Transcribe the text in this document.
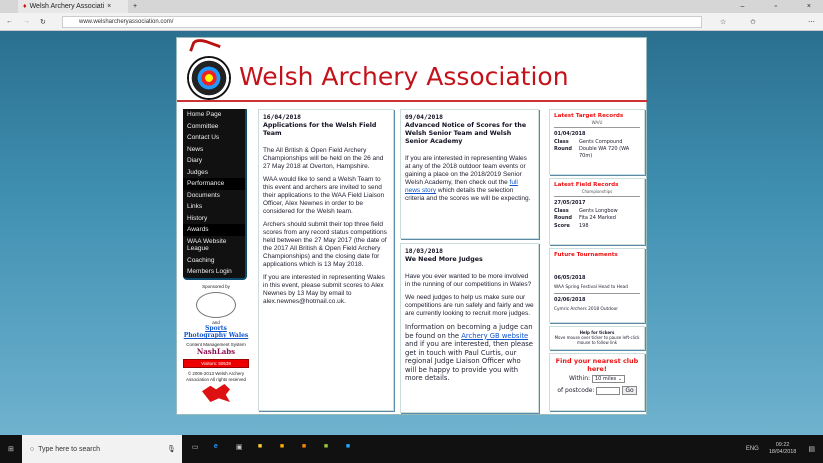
♦ Welsh Archery Associati ×	+	–	▫	×
← → ↻	www.welsharcheryassociation.com/	☆	✩	⋯
Welsh Archery Association
Home Page
Committee
Contact Us
News
Diary
Judges
Performance
Documents
Links
History
Awards
WAA Website League
Coaching
Members Login
Sponsored by
and
Sports Photography Wales
Content Management System
NashLabs
Visitors: 50539
© 2006-2013 Welsh Archery Association All rights reserved
16/04/2018
Applications for the Welsh Field Team

The All British & Open Field Archery Championships will be held on the 26 and 27 May 2018 at Overton, Hampshire.

WAA would like to send a Welsh Team to this event and archers are invited to send their applications to the WAA Field Liaison Officer, Alex Newnes in order to be considered for the Welsh team.

Archers should submit their top three field scores from any record status competitions held between the 27 May 2017 (the date of the 2017 All British & Open Field Archery Championships) and the closing date for applications which is 13 May 2018.

If you are interested in representing Wales in this event, please submit scores to Alex Newnes by 13 May by email to alex.newnes@hotmail.co.uk.

09/04/2018
Advanced Notice of Scores for the Welsh Senior Team and Welsh Senior Academy

If you are interested in representing Wales at any of the 2018 outdoor team events or gaining a place on the 2018/2019 Senior Welsh Academy, then check out the full news story which details the selection criteria and the scores we will be expecting.

18/03/2018
We Need More Judges

Have you ever wanted to be more involved in the running of our competitions in Wales?

We need judges to help us make sure our competitions are run safely and fairly and we are currently looking to recruit more judges.

Information on becoming a judge can be found on the Archery GB website and if you are interested, then please get in touch with Paul Curtis, our regional Judge Liaison Officer who will be happy to provide you with more details.

Latest Target Records
WA/U
01/04/2018
Class	Gents Compound
Round	Double WA 720 (WA 70m)
Latest Field Records
Championships
27/05/2017
Class	Gents Longbow
Round	Fita 24 Marked
Score	198
Future Tournaments
06/05/2018
WAA Spring Festival Head to Head
02/06/2018
Cymric Archers 2018 Outdoor
Help for tickers
Move mouse over ticker to pause left-click mouse to follow link
Find your nearest club here!
Within: 10 miles ⌄
of postcode:	Go
⊞ ○ Type here to search	🎙 ▭	e	▣	■	■	■	■	■	ENG
09:22
18/04/2018 ▤
